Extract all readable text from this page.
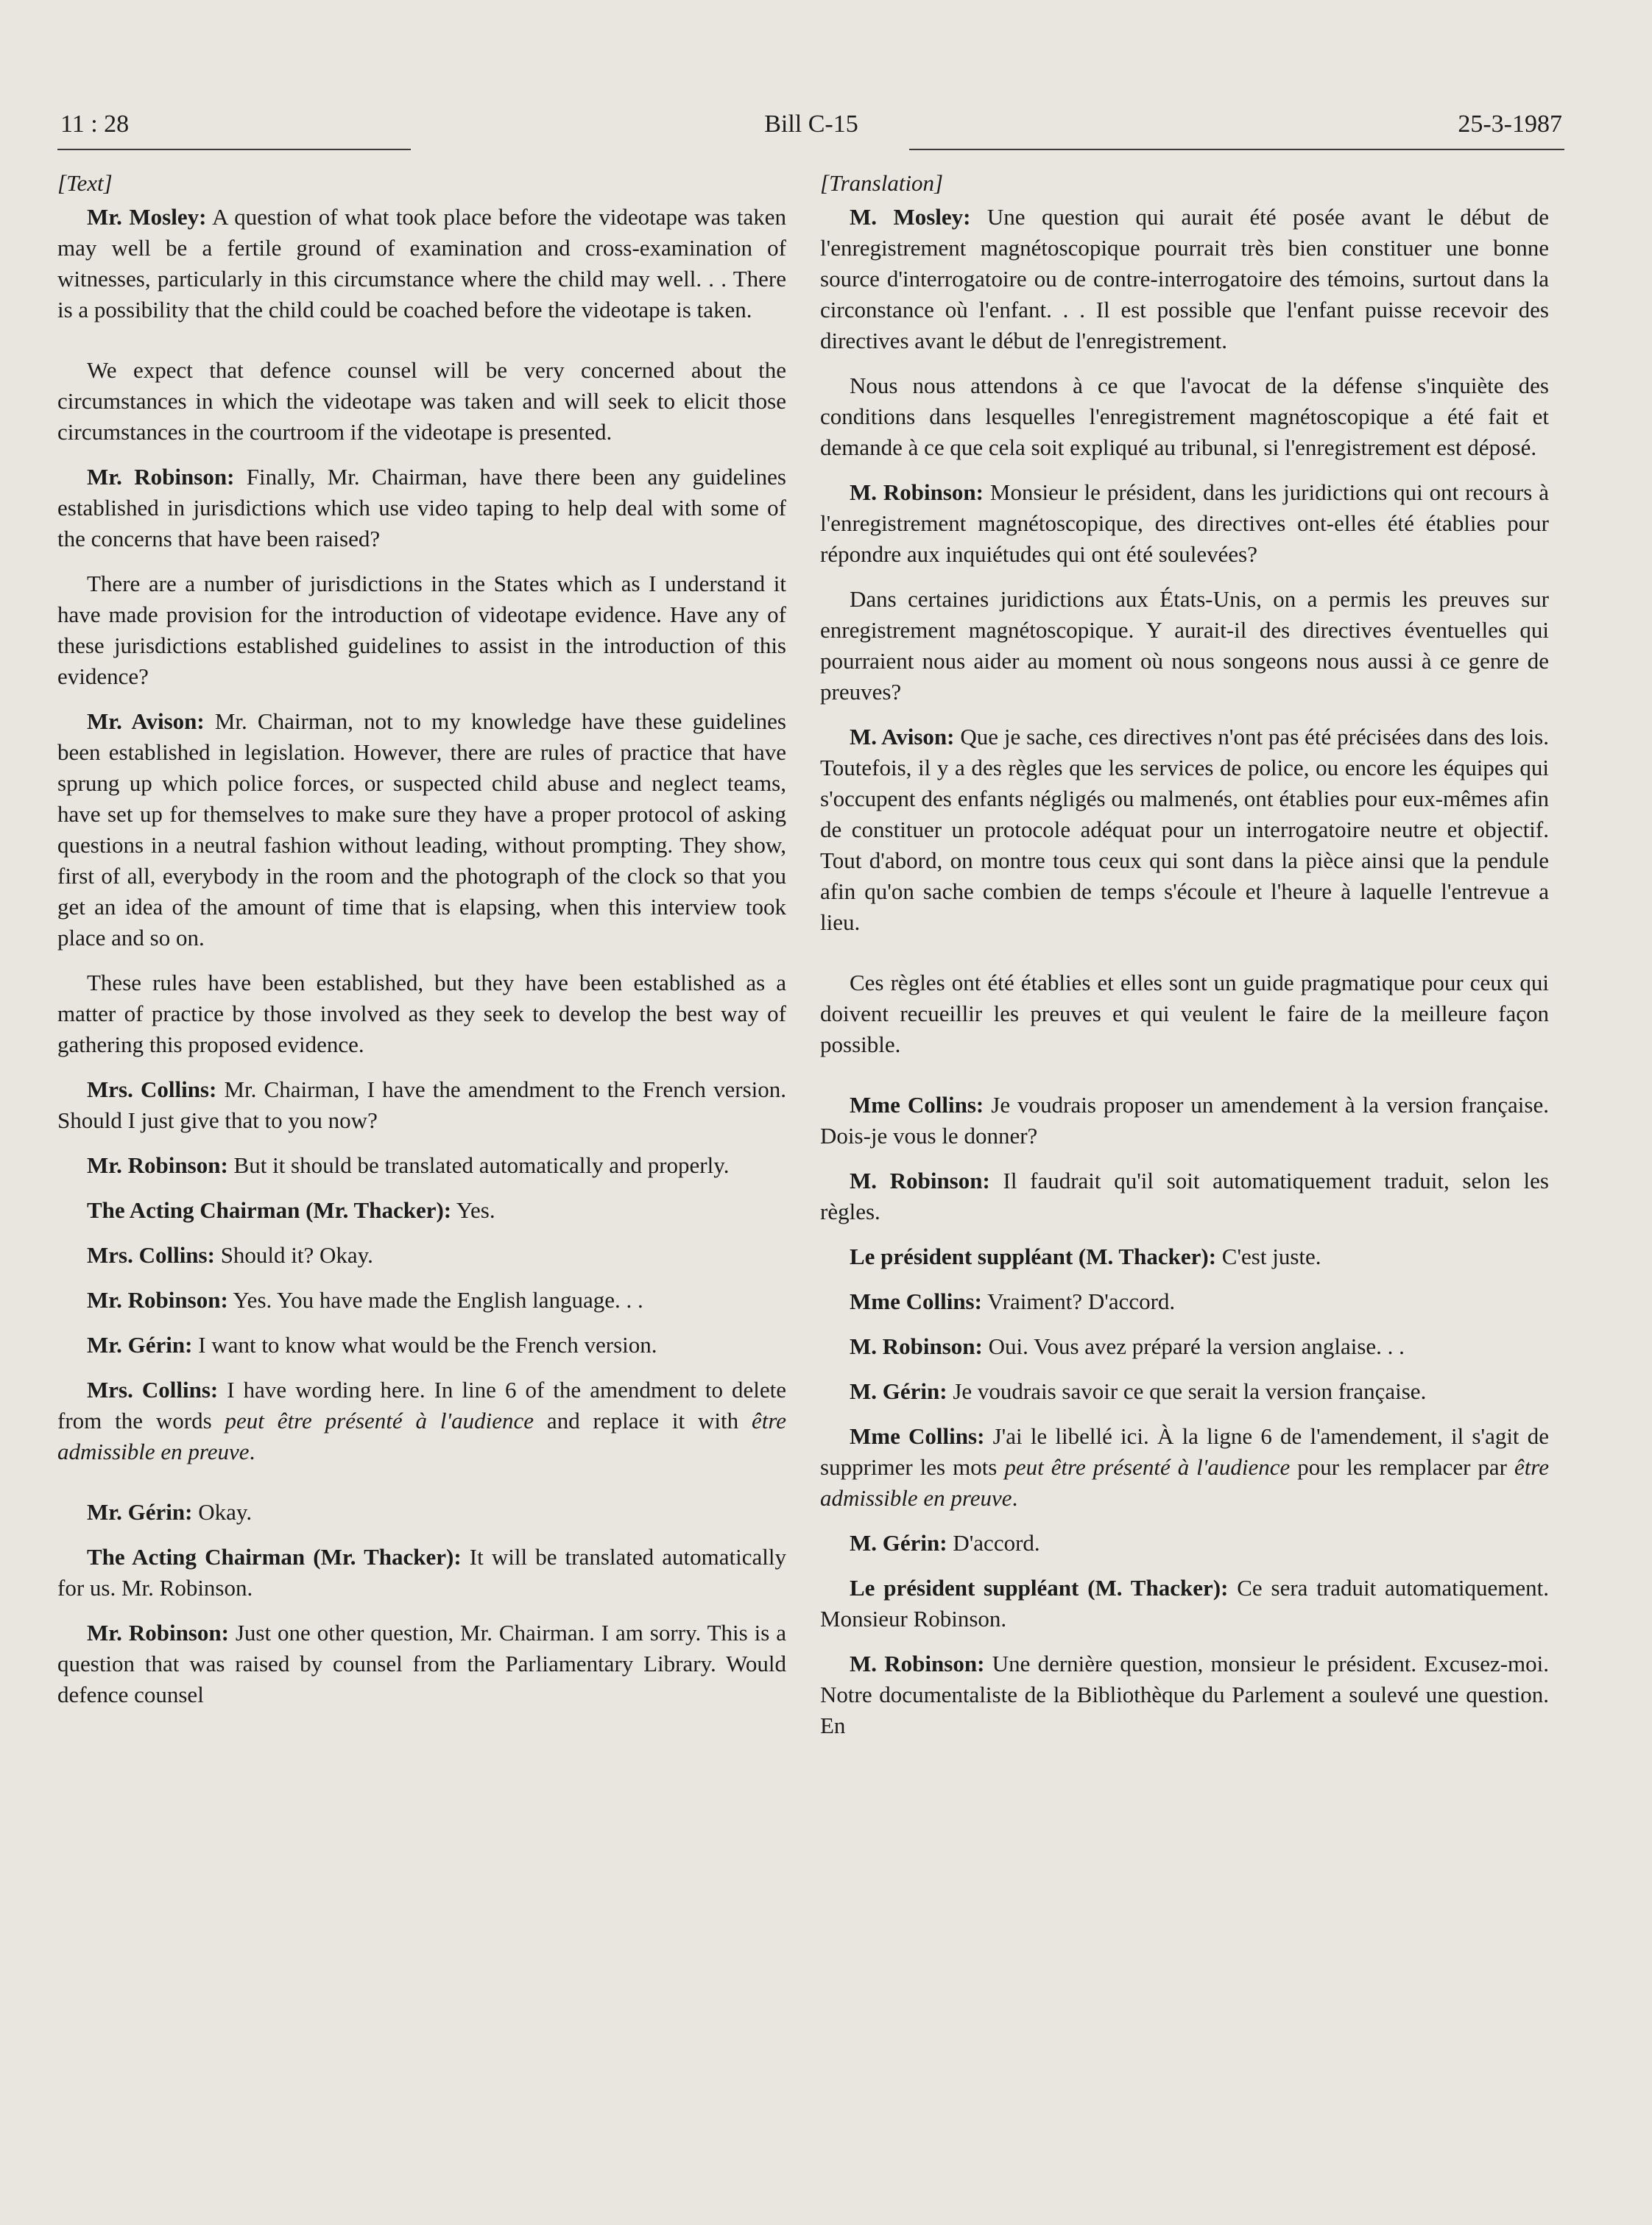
11 : 28	Bill C-15	25-3-1987
[Text]

Mr. Mosley: A question of what took place before the videotape was taken may well be a fertile ground of examination and cross-examination of witnesses, particularly in this circumstance where the child may well. . . There is a possibility that the child could be coached before the videotape is taken.

We expect that defence counsel will be very concerned about the circumstances in which the videotape was taken and will seek to elicit those circumstances in the courtroom if the videotape is presented.

Mr. Robinson: Finally, Mr. Chairman, have there been any guidelines established in jurisdictions which use video taping to help deal with some of the concerns that have been raised?

There are a number of jurisdictions in the States which as I understand it have made provision for the introduction of videotape evidence. Have any of these jurisdictions established guidelines to assist in the introduction of this evidence?

Mr. Avison: Mr. Chairman, not to my knowledge have these guidelines been established in legislation. However, there are rules of practice that have sprung up which police forces, or suspected child abuse and neglect teams, have set up for themselves to make sure they have a proper protocol of asking questions in a neutral fashion without leading, without prompting. They show, first of all, everybody in the room and the photograph of the clock so that you get an idea of the amount of time that is elapsing, when this interview took place and so on.

These rules have been established, but they have been established as a matter of practice by those involved as they seek to develop the best way of gathering this proposed evidence.

Mrs. Collins: Mr. Chairman, I have the amendment to the French version. Should I just give that to you now?

Mr. Robinson: But it should be translated automatically and properly.

The Acting Chairman (Mr. Thacker): Yes.

Mrs. Collins: Should it? Okay.

Mr. Robinson: Yes. You have made the English language. . .

Mr. Gérin: I want to know what would be the French version.

Mrs. Collins: I have wording here. In line 6 of the amendment to delete from the words peut être présenté à l'audience and replace it with être admissible en preuve.

Mr. Gérin: Okay.

The Acting Chairman (Mr. Thacker): It will be translated automatically for us. Mr. Robinson.

Mr. Robinson: Just one other question, Mr. Chairman. I am sorry. This is a question that was raised by counsel from the Parliamentary Library. Would defence counsel

[Translation]

M. Mosley: Une question qui aurait été posée avant le début de l'enregistrement magnétoscopique pourrait très bien constituer une bonne source d'interrogatoire ou de contre-interrogatoire des témoins, surtout dans la circonstance où l'enfant. . . Il est possible que l'enfant puisse recevoir des directives avant le début de l'enregistrement.

Nous nous attendons à ce que l'avocat de la défense s'inquiète des conditions dans lesquelles l'enregistrement magnétoscopique a été fait et demande à ce que cela soit expliqué au tribunal, si l'enregistrement est déposé.

M. Robinson: Monsieur le président, dans les juridictions qui ont recours à l'enregistrement magnétoscopique, des directives ont-elles été établies pour répondre aux inquiétudes qui ont été soulevées?

Dans certaines juridictions aux États-Unis, on a permis les preuves sur enregistrement magnétoscopique. Y aurait-il des directives éventuelles qui pourraient nous aider au moment où nous songeons nous aussi à ce genre de preuves?

M. Avison: Que je sache, ces directives n'ont pas été précisées dans des lois. Toutefois, il y a des règles que les services de police, ou encore les équipes qui s'occupent des enfants négligés ou malmenés, ont établies pour eux-mêmes afin de constituer un protocole adéquat pour un interrogatoire neutre et objectif. Tout d'abord, on montre tous ceux qui sont dans la pièce ainsi que la pendule afin qu'on sache combien de temps s'écoule et l'heure à laquelle l'entrevue a lieu.

Ces règles ont été établies et elles sont un guide pragmatique pour ceux qui doivent recueillir les preuves et qui veulent le faire de la meilleure façon possible.

Mme Collins: Je voudrais proposer un amendement à la version française. Dois-je vous le donner?

M. Robinson: Il faudrait qu'il soit automatiquement traduit, selon les règles.

Le président suppléant (M. Thacker): C'est juste.

Mme Collins: Vraiment? D'accord.

M. Robinson: Oui. Vous avez préparé la version anglaise. . .

M. Gérin: Je voudrais savoir ce que serait la version française.

Mme Collins: J'ai le libellé ici. À la ligne 6 de l'amendement, il s'agit de supprimer les mots peut être présenté à l'audience pour les remplacer par être admissible en preuve.

M. Gérin: D'accord.

Le président suppléant (M. Thacker): Ce sera traduit automatiquement. Monsieur Robinson.

M. Robinson: Une dernière question, monsieur le président. Excusez-moi. Notre documentaliste de la Bibliothèque du Parlement a soulevé une question. En
